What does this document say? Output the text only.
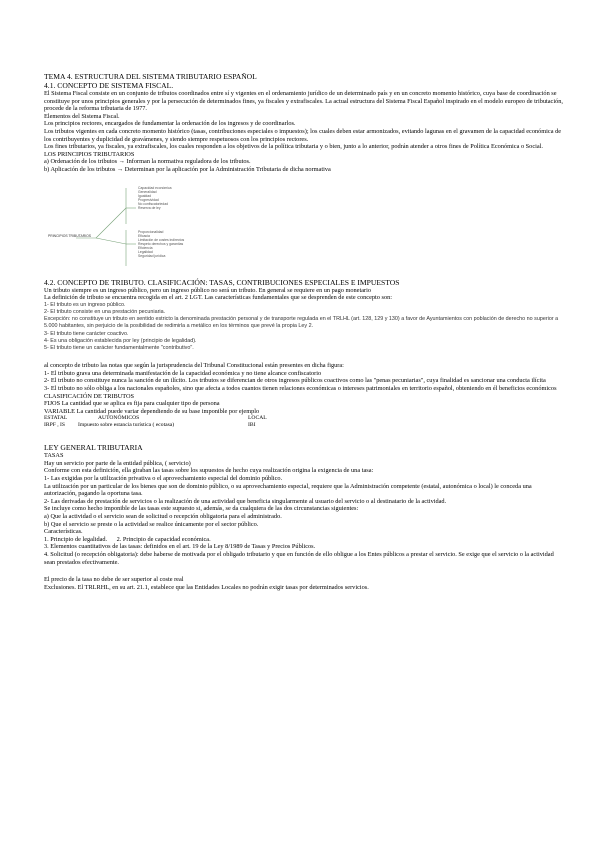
TEMA 4. ESTRUCTURA DEL SISTEMA TRIBUTARIO ESPAÑOL

4.1. CONCEPTO DE SISTEMA FISCAL.

El Sistema Fiscal consiste en un conjunto de tributos coordinados entre sí y vigentes en el ordenamiento jurídico de un determinado país y en un concreto momento histórico, cuya base de coordinación se constituye por unos principios generales y por la persecución de determinados fines, ya fiscales y extrafiscales. La actual estructura del Sistema Fiscal Español inspirado en el modelo europeo de tributación, procede de la reforma tributaria de 1977.

Elementos del Sistema Fiscal.

Los principios rectores, encargados de fundamentar la ordenación de los ingresos y de coordinarlos.

Los tributos vigentes en cada concreto momento histórico (tasas, contribuciones especiales o impuestos); los cuales deben estar armonizados, evitando lagunas en el gravamen de la capacidad económica de los contribuyentes y duplicidad de gravámenes, y siendo siempre respetuosos con los principios rectores.

Los fines tributarios, ya fiscales, ya extrafiscales, los cuales responden a los objetivos de la política tributaria y o bien, junto a lo anterior, podrán atender a otros fines de Política Económica o Social.

LOS PRINCIPIOS TRIBUTARIOS

a) Ordenación de los tributos → Informan la normativa reguladora de los tributos.

b) Aplicación de los tributos → Determinan por la aplicación por la Administración Tributaria de dicha normativa

PRINCIPIOS TRIBUTARIOS
Capacidad económica
Generalidad
Igualdad
Progresividad
No confiscatoriedad
Reserva de ley
Proporcionalidad
Eficacia
Limitación de costes indirectos
Respeto derechos y garantías
Eficiencia
Legalidad
Seguridad jurídica

4.2. CONCEPTO DE TRIBUTO. CLASIFICACIÓN: TASAS, CONTRIBUCIONES ESPECIALES E IMPUESTOS

Un tributo siempre es un ingreso público, pero un ingreso público no será un tributo. En general se requiere en un pago monetario

La definición de tributo se encuentra recogida en el art. 2 LGT. Las características fundamentales que se desprenden de este concepto son:

1- El tributo es un ingreso público.

2- El tributo consiste en una prestación pecuniaria.

Excepción: no constituye un tributo en sentido estricto la denominada prestación personal y de transporte regulada en el TRLHL (art. 128, 129 y 130) a favor de Ayuntamientos con población de derecho no superior a 5.000 habitantes, sin perjuicio de la posibilidad de redimirla a metálico en los términos que prevé la propia Ley 2.

3- El tributo tiene carácter coactivo.

4- Es una obligación establecida por ley (principio de legalidad).

5- El tributo tiene un carácter fundamentalmente "contributivo".

al concepto de tributo las notas que según la jurisprudencia del Tribunal Constitucional están presentes en dicha figura:

1- El tributo grava una determinada manifestación de la capacidad económica y no tiene alcance confiscatorio

2- El tributo no constituye nunca la sanción de un ilícito. Los tributos se diferencian de otros ingresos públicos coactivos como las "penas pecuniarias", cuya finalidad es sancionar una conducta ilícita

3- El tributo no sólo obliga a los nacionales españoles, sino que afecta a todos cuantos tienen relaciones económicas o intereses patrimoniales en territorio español, obteniendo en él beneficios económicos

CLASIFICACIÓN DE TRIBUTOS

FIJOS La cantidad que se aplica es fija para cualquier tipo de persona

VARIABLE La cantidad puede variar dependiendo de su base imponible por ejemplo

ESTATAL	AUTONÓMICOS	LOCAL
IRPF , IS	Impuesto sobre estancia turística ( ecotasa)	IBI

LEY GENERAL TRIBUTARIA

TASAS

Hay un servicio por parte de la entidad pública, ( servicio)

Conforme con esta definición, ella giraban las tasas sobre los supuestos de hecho cuya realización origina la exigencia de una tasa:

1- Las exigidas por la utilización privativa o el aprovechamiento especial del dominio público.

La utilización por un particular de los bienes que son de dominio público, o su aprovechamiento especial, requiere que la Administración competente (estatal, autonómica o local) le conceda una autorización, pagando la oportuna tasa.

2- Las derivadas de prestación de servicios o la realización de una actividad que beneficia singularmente al usuario del servicio o al destinatario de la actividad.

Se incluye como hecho imponible de las tasas este supuesto si, además, se da cualquiera de las dos circunstancias siguientes:

a) Que la actividad o el servicio sean de solicitud o recepción obligatoria para el administrado.

b) Que el servicio se preste o la actividad se realice únicamente por el sector público.

Características.

1. Principio de legalidad.      2. Principio de capacidad económica.

3. Elementos cuantitativos de las tasas: definidos en el art. 19 de la Ley 8/1989 de Tasas y Precios Públicos.

4. Solicitud (o recepción obligatoria): debe haberse de motivada por el obligado tributario y que en función de ello obligue a los Entes públicos a prestar el servicio. Se exige que el servicio o la actividad sean prestados efectivamente.

El precio de la tasa no debe de ser superior al coste real

Exclusiones. El TRLRHL, en su art. 21.1, establece que las Entidades Locales no podrán exigir tasas por determinados servicios.
